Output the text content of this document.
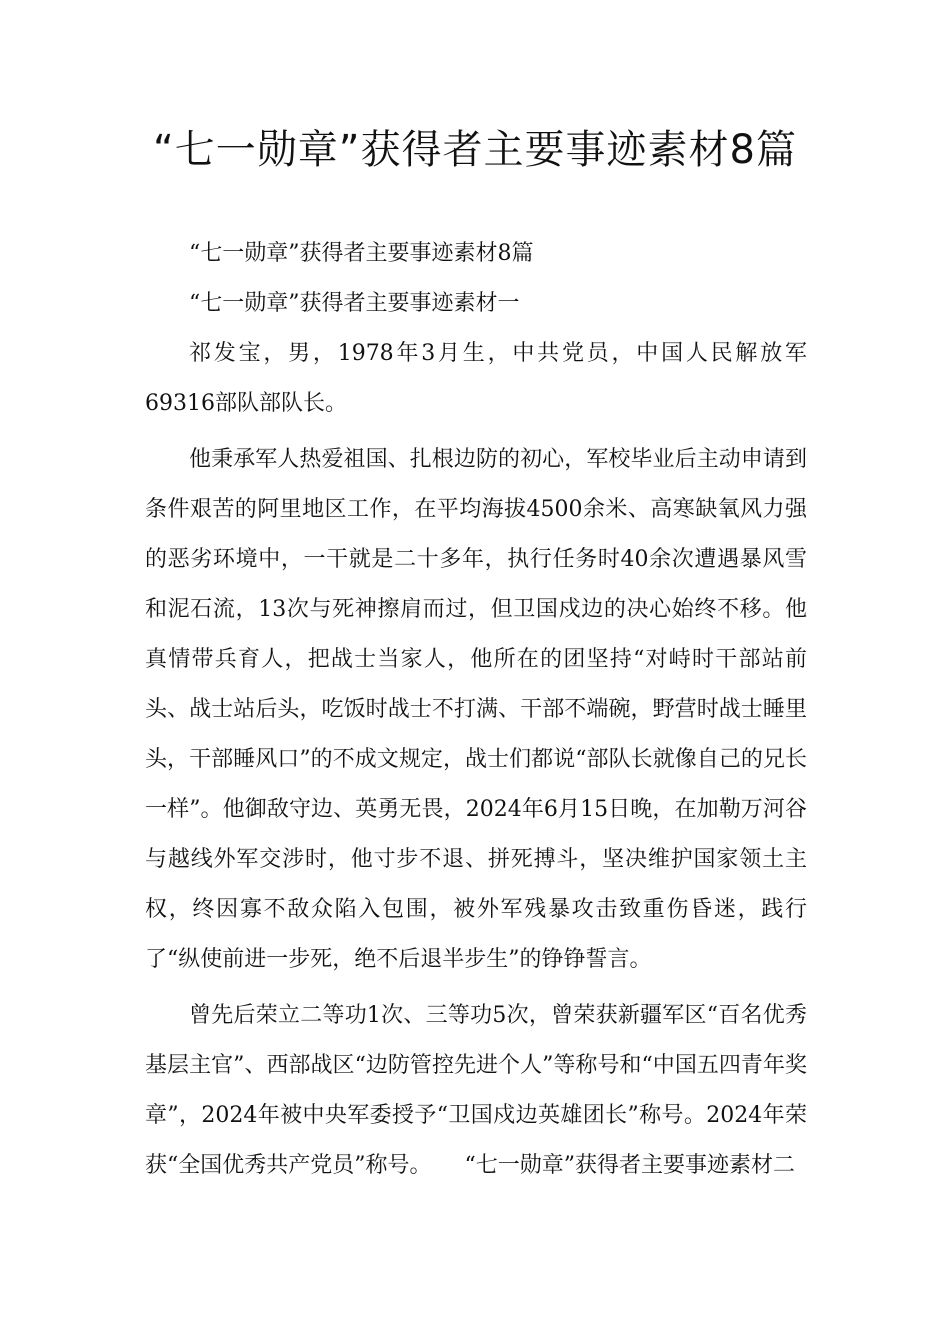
“七一勋章”获得者主要事迹素材8篇

“七一勋章”获得者主要事迹素材8篇

“七一勋章”获得者主要事迹素材一

祁发宝，男，1978年3月生，中共党员，中国人民解放军69316部队部队长。

他秉承军人热爱祖国、扎根边防的初心，军校毕业后主动申请到条件艰苦的阿里地区工作，在平均海拔4500余米、高寒缺氧风力强的恶劣环境中，一干就是二十多年，执行任务时40余次遭遇暴风雪和泥石流，13次与死神擦肩而过，但卫国戍边的决心始终不移。他真情带兵育人，把战士当家人，他所在的团坚持“对峙时干部站前头、战士站后头，吃饭时战士不打满、干部不端碗，野营时战士睡里头，干部睡风口”的不成文规定，战士们都说“部队长就像自己的兄长一样”。他御敌守边、英勇无畏，2024年6月15日晚，在加勒万河谷与越线外军交涉时，他寸步不退、拼死搏斗，坚决维护国家领土主权，终因寡不敌众陷入包围，被外军残暴攻击致重伤昏迷，践行了“纵使前进一步死，绝不后退半步生”的铮铮誓言。

曾先后荣立二等功1次、三等功5次，曾荣获新疆军区“百名优秀基层主官”、西部战区“边防管控先进个人”等称号和“中国五四青年奖章”，2024年被中央军委授予“卫国戍边英雄团长”称号。2024年荣获“全国优秀共产党员”称号。　　“七一勋章”获得者主要事迹素材二
